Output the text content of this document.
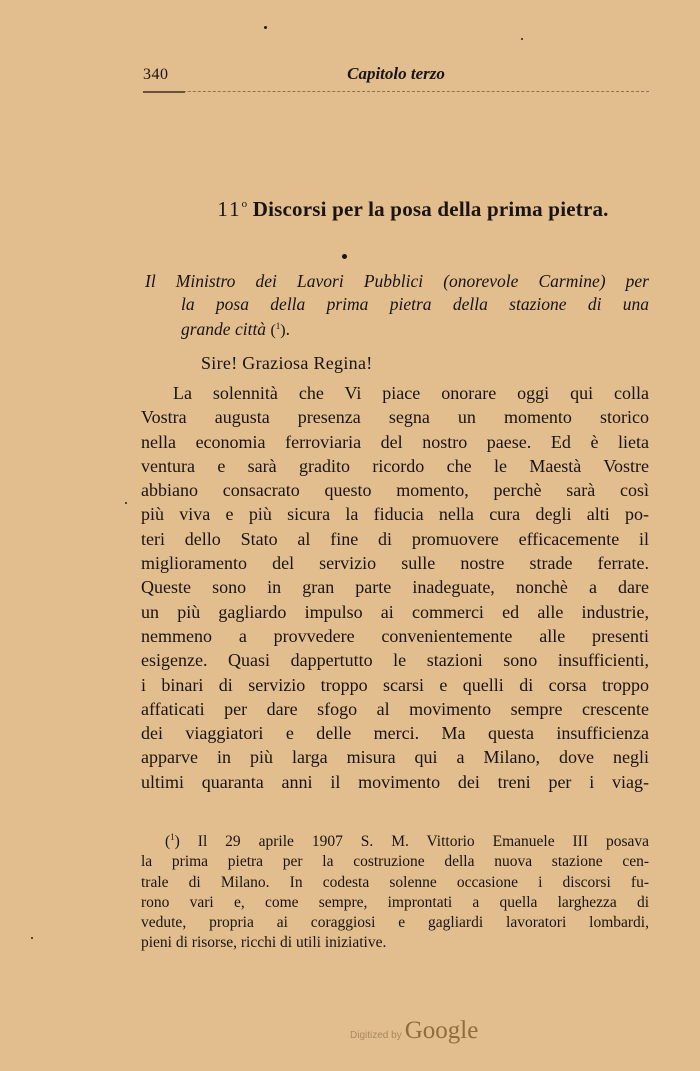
340	Capitolo terzo
11$^o$ Discorsi per la posa della prima pietra.
Il Ministro dei Lavori Pubblici (onorevole Carmine) per
la posa della prima pietra della stazione di una
grande città ($^1$).
Sire! Graziosa Regina!
La solennità che Vi piace onorare oggi qui colla
Vostra augusta presenza segna un momento storico
nella economia ferroviaria del nostro paese. Ed è lieta
ventura e sarà gradito ricordo che le Maestà Vostre
abbiano consacrato questo momento, perchè sarà così
più viva e più sicura la fiducia nella cura degli alti po-
teri dello Stato al fine di promuovere efficacemente il
miglioramento del servizio sulle nostre strade ferrate.
Queste sono in gran parte inadeguate, nonchè a dare
un più gagliardo impulso ai commerci ed alle industrie,
nemmeno a provvedere convenientemente alle presenti
esigenze. Quasi dappertutto le stazioni sono insufficienti,
i binari di servizio troppo scarsi e quelli di corsa troppo
affaticati per dare sfogo al movimento sempre crescente
dei viaggiatori e delle merci. Ma questa insufficienza
apparve in più larga misura qui a Milano, dove negli
ultimi quaranta anni il movimento dei treni per i viag-
($^1$) Il 29 aprile 1907 S. M. Vittorio Emanuele III posava
la prima pietra per la costruzione della nuova stazione cen-
trale di Milano. In codesta solenne occasione i discorsi fu-
rono vari e, come sempre, improntati a quella larghezza di
vedute, propria ai coraggiosi e gagliardi lavoratori lombardi,
pieni di risorse, ricchi di utili iniziative.
Digitized by Google
